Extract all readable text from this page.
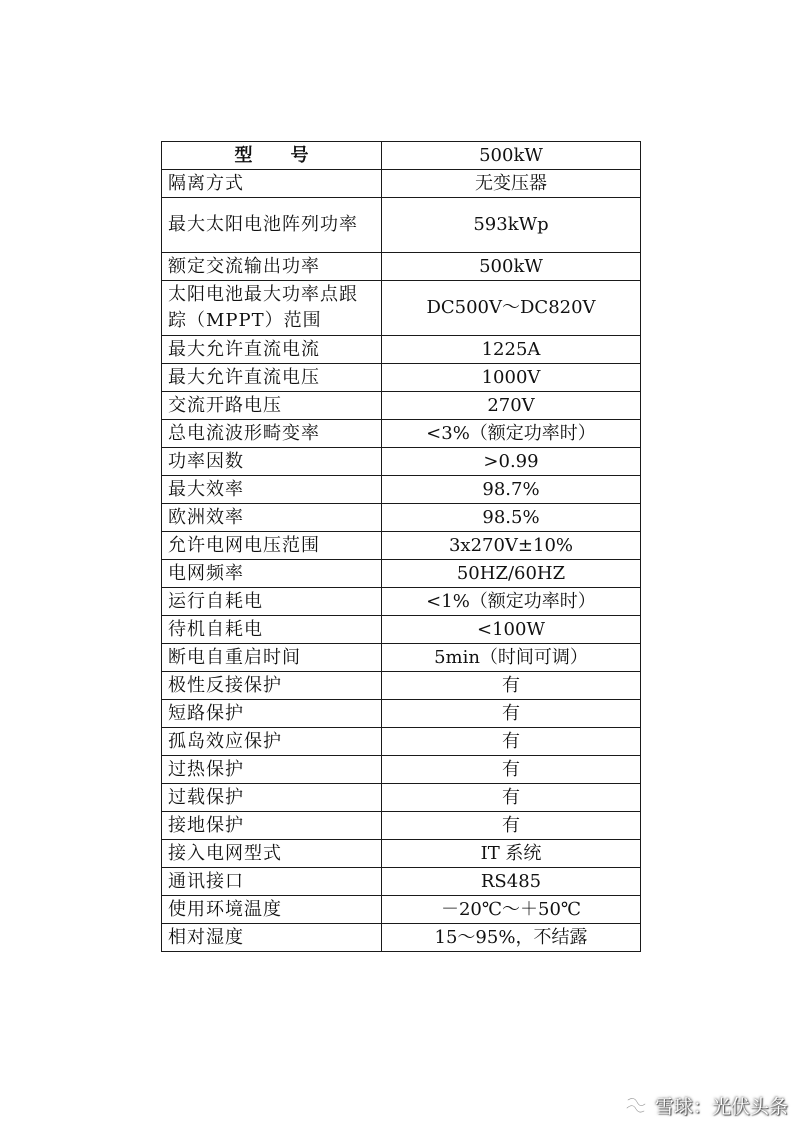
型 号	500kW
隔离方式	无变压器
最大太阳电池阵列功率	593kWp
额定交流输出功率	500kW
太阳电池最大功率点跟踪（MPPT）范围	DC500V～DC820V
最大允许直流电流	1225A
最大允许直流电压	1000V
交流开路电压	270V
总电流波形畸变率	<3%（额定功率时）
功率因数	>0.99
最大效率	98.7%
欧洲效率	98.5%
允许电网电压范围	3x270V±10%
电网频率	50HZ/60HZ
运行自耗电	<1%（额定功率时）
待机自耗电	<100W
断电自重启时间	5min（时间可调）
极性反接保护	有
短路保护	有
孤岛效应保护	有
过热保护	有
过载保护	有
接地保护	有
接入电网型式	IT 系统
通讯接口	RS485
使用环境温度	－20℃～＋50℃
相对湿度	15～95%，不结露
雪球：光伏头条
